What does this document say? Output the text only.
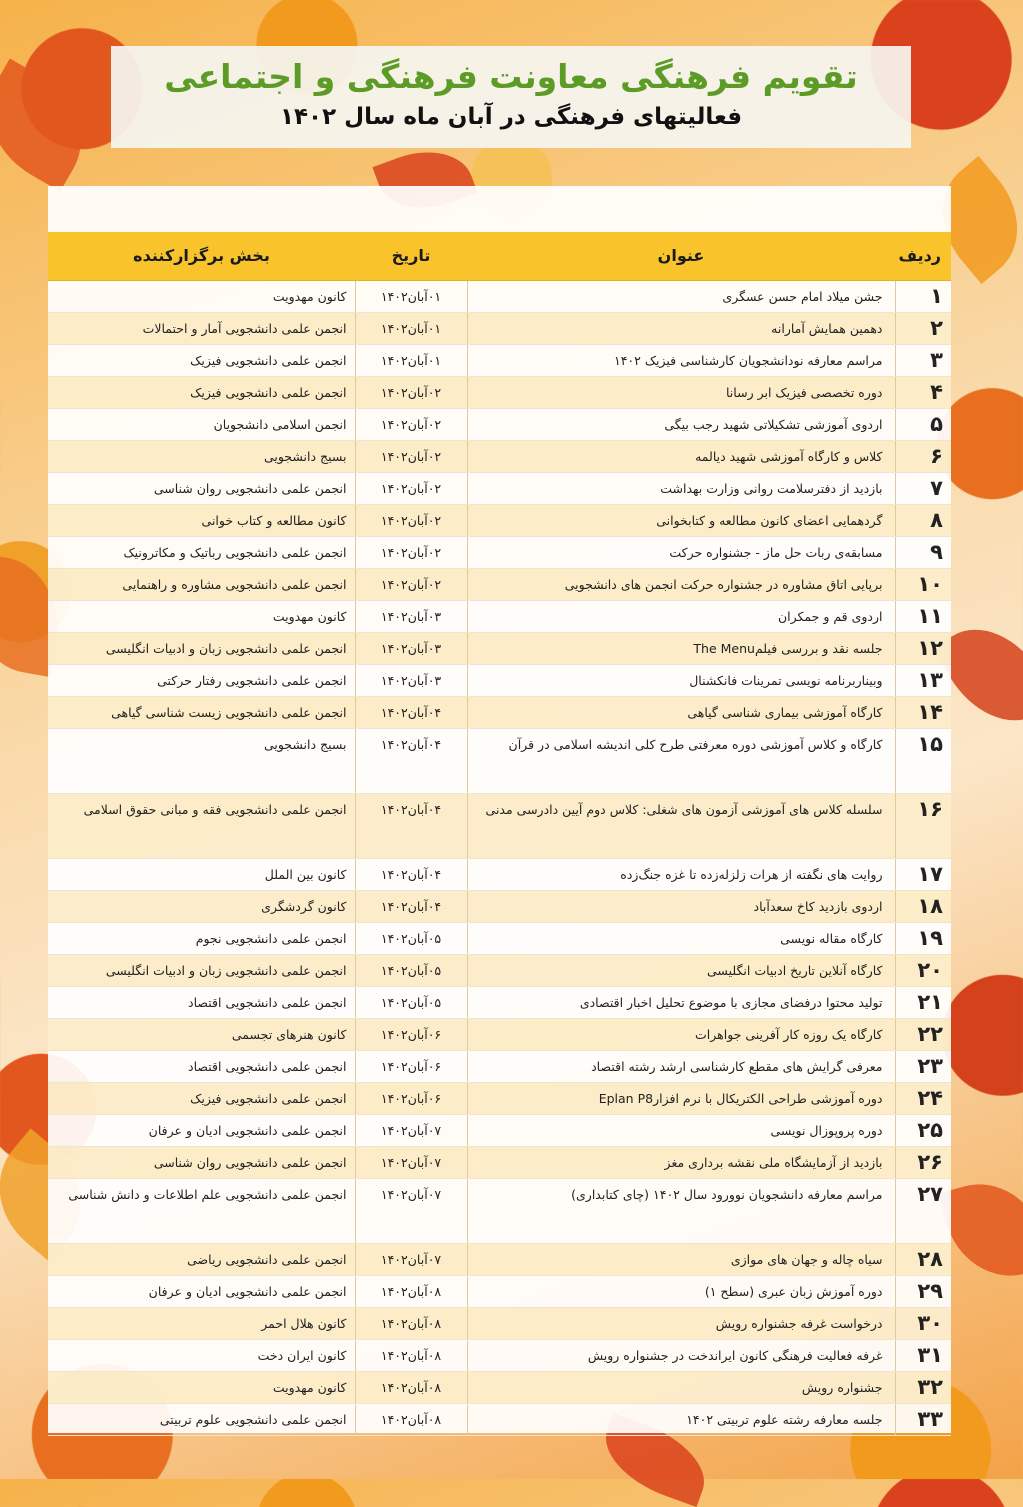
تقویم فرهنگی معاونت فرهنگی و اجتماعی
فعالیتهای فرهنگی در آبان ماه سال ۱۴۰۲
ردیف	عنوان	تاریخ	بخش برگزارکننده
۱	جشن میلاد امام حسن عسگری	۰۱آبان۱۴۰۲	کانون مهدویت
۲	دهمین همایش آمارانه	۰۱آبان۱۴۰۲	انجمن علمی دانشجویی آمار و احتمالات
۳	مراسم معارفه نودانشجویان کارشناسی فیزیک ۱۴۰۲	۰۱آبان۱۴۰۲	انجمن علمی دانشجویی فیزیک
۴	دوره تخصصی فیزیک ابر رسانا	۰۲آبان۱۴۰۲	انجمن علمی دانشجویی فیزیک
۵	اردوی آموزشی تشکیلاتی شهید رجب بیگی	۰۲آبان۱۴۰۲	انجمن اسلامی دانشجویان
۶	کلاس و کارگاه آموزشی شهید دیالمه	۰۲آبان۱۴۰۲	بسیج دانشجویی
۷	بازدید از دفترسلامت روانی وزارت بهداشت	۰۲آبان۱۴۰۲	انجمن علمی دانشجویی روان شناسی
۸	گردهمایی اعضای کانون مطالعه و کتابخوانی	۰۲آبان۱۴۰۲	کانون مطالعه و کتاب خوانی
۹	مسابقه‌ی ربات حل ماز - جشنواره حرکت	۰۲آبان۱۴۰۲	انجمن علمی دانشجویی رباتیک و مکاترونیک
۱۰	برپایی اتاق مشاوره در جشنواره حرکت انجمن های دانشجویی	۰۲آبان۱۴۰۲	انجمن علمی دانشجویی مشاوره و راهنمایی
۱۱	اردوی قم و جمکران	۰۳آبان۱۴۰۲	کانون مهدویت
۱۲	جلسه نقد و بررسی فیلمThe Menu	۰۳آبان۱۴۰۲	انجمن علمی دانشجویی زبان و ادبیات انگلیسی
۱۳	وبیناربرنامه نویسی تمرینات فانکشنال	۰۳آبان۱۴۰۲	انجمن علمی دانشجویی رفتار حرکتی
۱۴	کارگاه آموزشی بیماری شناسی گیاهی	۰۴آبان۱۴۰۲	انجمن علمی دانشجویی زیست شناسی گیاهی
۱۵	کارگاه و کلاس آموزشی دوره معرفتی طرح کلی اندیشه اسلامی در قرآن	۰۴آبان۱۴۰۲	بسیج دانشجویی
۱۶	سلسله کلاس های آموزشی آزمون های شغلی: کلاس دوم آیین دادرسی مدنی	۰۴آبان۱۴۰۲	انجمن علمی دانشجویی فقه و مبانی حقوق اسلامی
۱۷	روایت های نگفته از هرات زلزله‌زده تا غزه جنگ‌زده	۰۴آبان۱۴۰۲	کانون بین الملل
۱۸	اردوی بازدید کاخ سعدآباد	۰۴آبان۱۴۰۲	کانون گردشگری
۱۹	کارگاه مقاله نویسی	۰۵آبان۱۴۰۲	انجمن علمی دانشجویی نجوم
۲۰	کارگاه آنلاین تاریخ ادبیات انگلیسی	۰۵آبان۱۴۰۲	انجمن علمی دانشجویی زبان و ادبیات انگلیسی
۲۱	تولید محتوا درفضای مجازی با موضوع تحلیل اخبار اقتصادی	۰۵آبان۱۴۰۲	انجمن علمی دانشجویی اقتصاد
۲۲	کارگاه یک روزه کار آفرینی جواهرات	۰۶آبان۱۴۰۲	کانون هنرهای تجسمی
۲۳	معرفی گرایش های مقطع کارشناسی ارشد رشته اقتصاد	۰۶آبان۱۴۰۲	انجمن علمی دانشجویی اقتصاد
۲۴	دوره آموزشی طراحی الکتریکال با نرم افزارEplan P8	۰۶آبان۱۴۰۲	انجمن علمی دانشجویی فیزیک
۲۵	دوره پروپوزال نویسی	۰۷آبان۱۴۰۲	انجمن علمی دانشجویی ادیان و عرفان
۲۶	بازدید از آزمایشگاه ملی نقشه برداری مغز	۰۷آبان۱۴۰۲	انجمن علمی دانشجویی روان شناسی
۲۷	مراسم معارفه دانشجویان نوورود سال ۱۴۰۲ (چای کتابداری)	۰۷آبان۱۴۰۲	انجمن علمی دانشجویی علم اطلاعات و دانش شناسی
۲۸	سیاه چاله و جهان های موازی	۰۷آبان۱۴۰۲	انجمن علمی دانشجویی ریاضی
۲۹	دوره آموزش زبان عبری (سطح ۱)	۰۸آبان۱۴۰۲	انجمن علمی دانشجویی ادیان و عرفان
۳۰	درخواست غرفه جشنواره رویش	۰۸آبان۱۴۰۲	کانون هلال احمر
۳۱	غرفه فعالیت فرهنگی کانون ایراندخت در جشنواره رویش	۰۸آبان۱۴۰۲	کانون ایران دخت
۳۲	جشنواره رویش	۰۸آبان۱۴۰۲	کانون مهدویت
۳۳	جلسه معارفه رشته علوم تربیتی ۱۴۰۲	۰۸آبان۱۴۰۲	انجمن علمی دانشجویی علوم تربیتی
